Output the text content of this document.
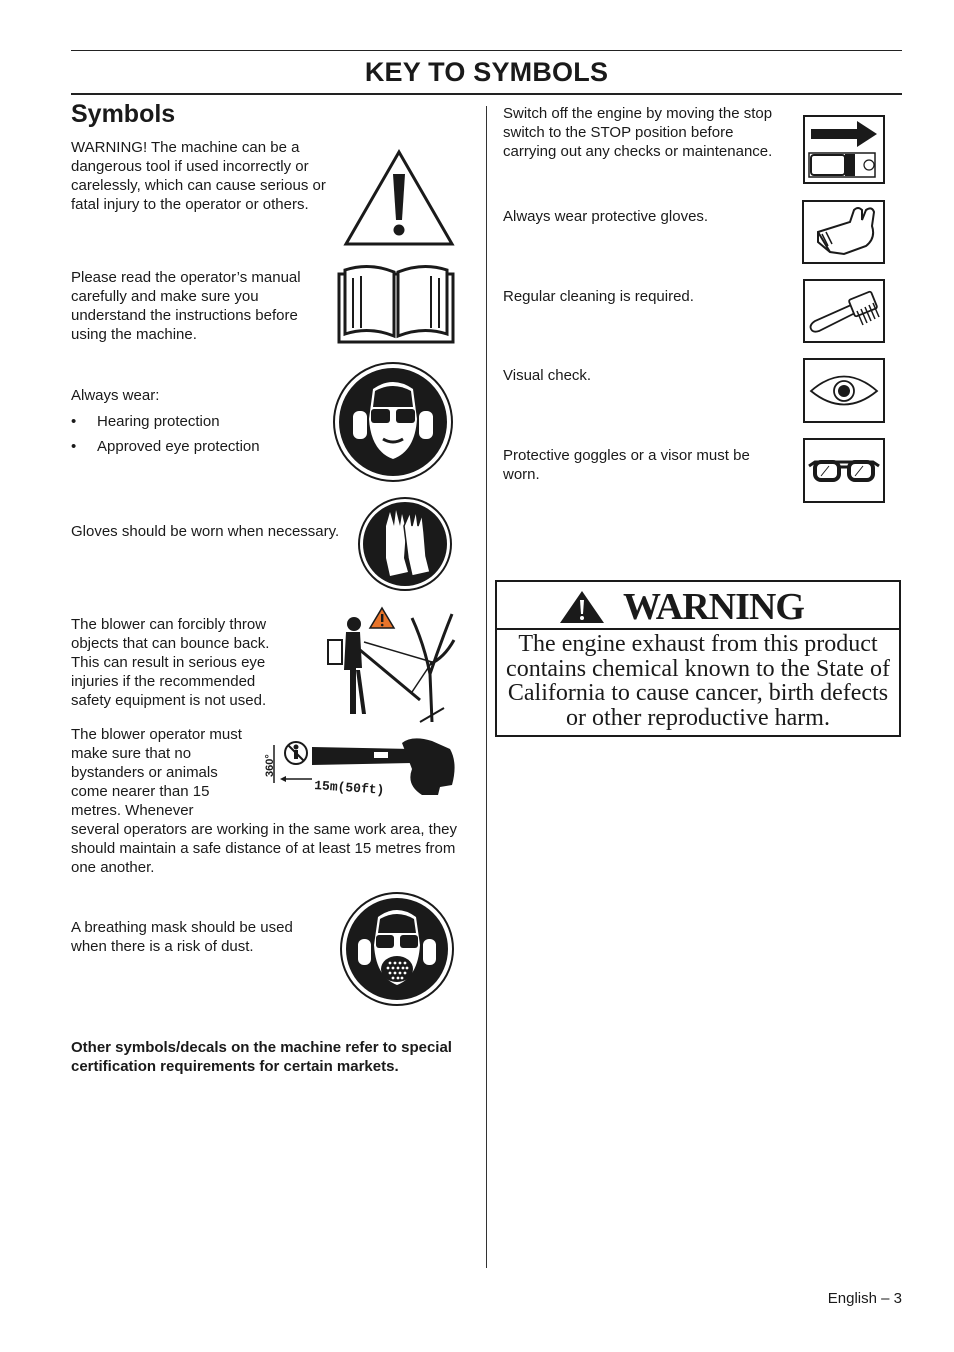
KEY TO SYMBOLS
Symbols
WARNING! The machine can be a dangerous tool if used incorrectly or carelessly, which can cause serious or fatal injury to the operator or others.
Please read the operator’s manual carefully and make sure you understand the instructions before using the machine.
Always wear:
• Hearing protection
• Approved eye protection
Gloves should be worn when necessary.
The blower can forcibly throw objects that can bounce back. This can result in serious eye injuries if the recommended safety equipment is not used.
The blower operator must make sure that no bystanders or animals come nearer than 15 metres. Whenever
360°
15m(50ft)
several operators are working in the same work area, they should maintain a safe distance of at least 15 metres from one another.
A breathing mask should be used when there is a risk of dust.
Other symbols/decals on the machine refer to special certification requirements for certain markets.
Switch off the engine by moving the stop switch to the STOP position before carrying out any checks or maintenance.
Always wear protective gloves.
Regular cleaning is required.
Visual check.
Protective goggles or a visor must be worn.
WARNING
The engine exhaust from this product contains chemical known to the State of California to cause cancer, birth defects or other reproductive harm.
English – 3
